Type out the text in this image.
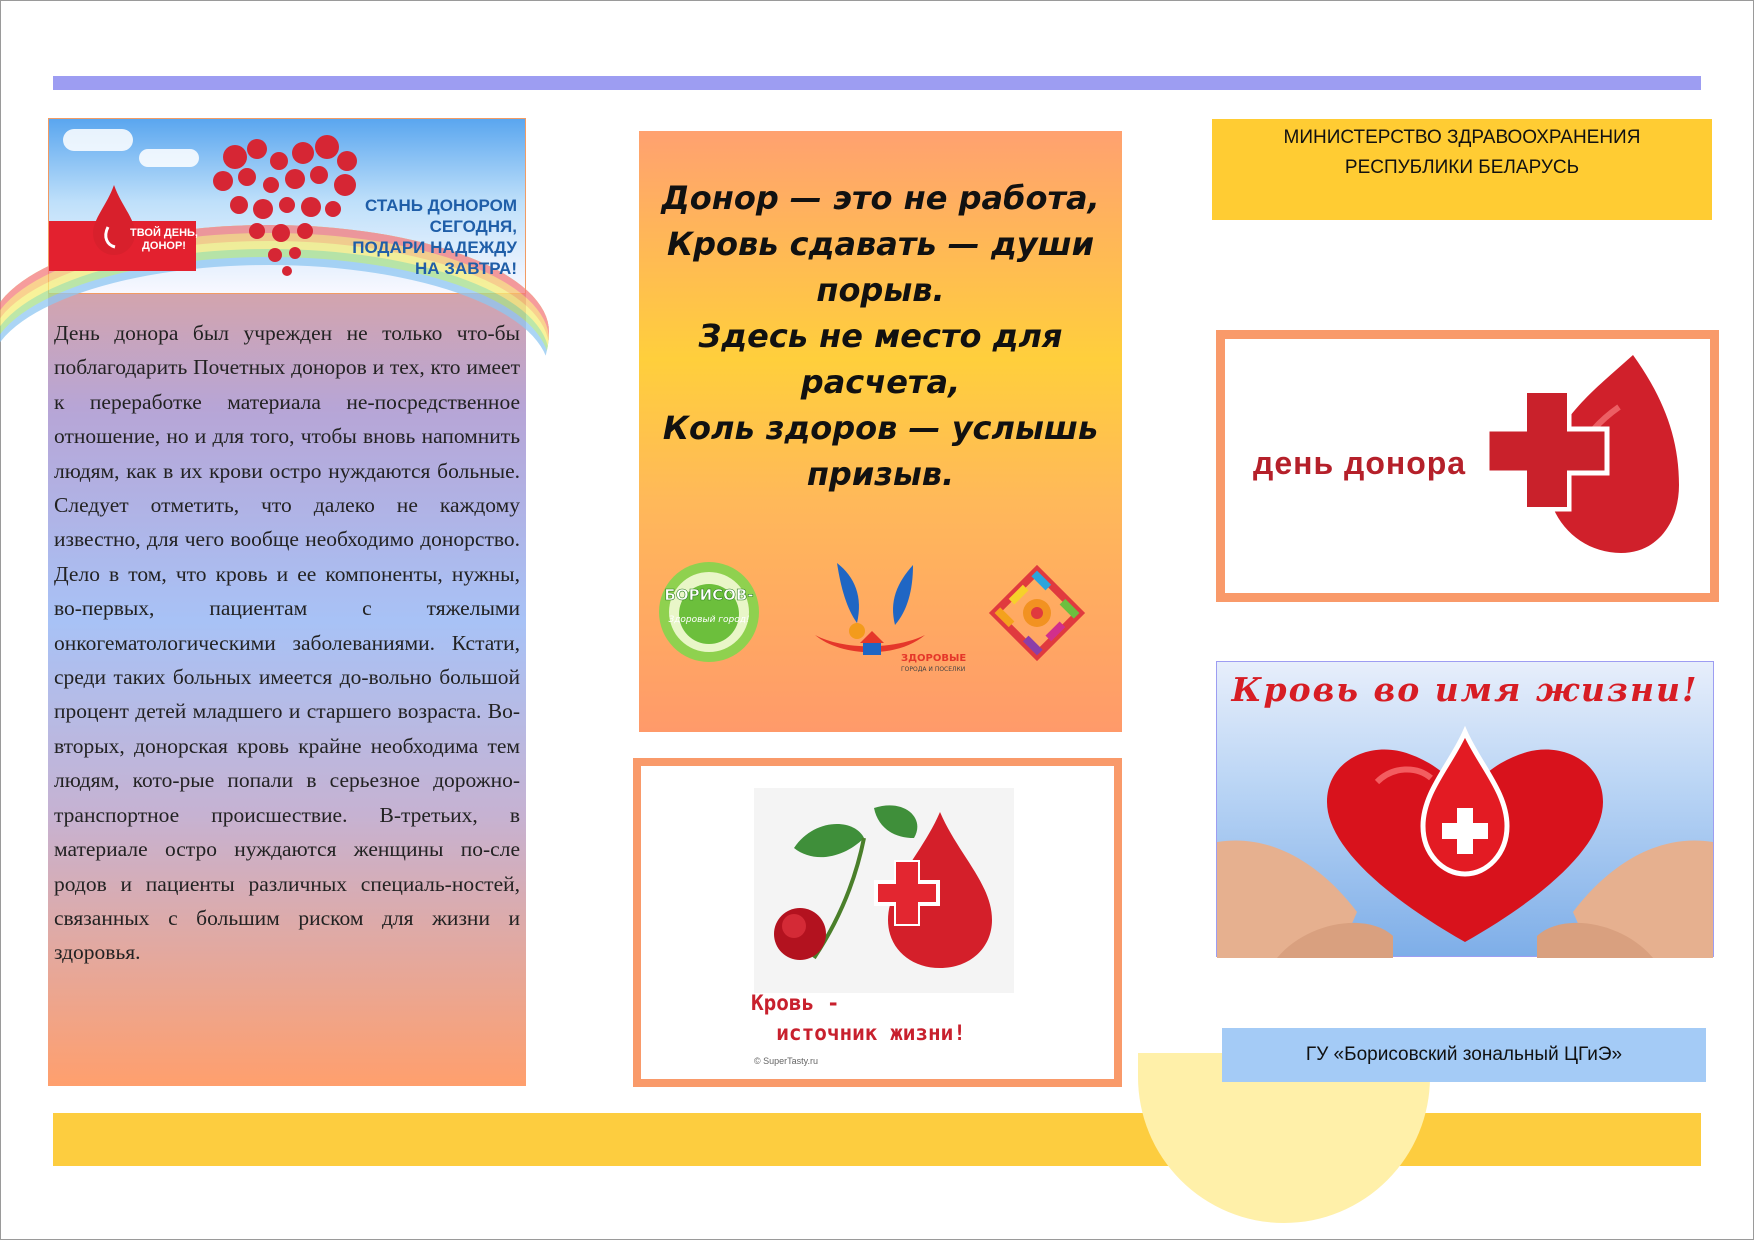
ТВОЙ ДЕНЬ, ДОНОР!
СТАНЬ ДОНОРОМ
СЕГОДНЯ,
ПОДАРИ НАДЕЖДУ
НА ЗАВТРА!
День донора был учрежден не только что-бы поблагодарить Почетных доноров и тех, кто имеет к переработке материала не-посредственное отношение, но и для того, чтобы вновь напомнить людям, как в их крови остро нуждаются больные. Следует отметить, что далеко не каждому известно, для чего вообще необходимо донорство. Дело в том, что кровь и ее компоненты, нужны, во-первых, пациентам с тяжелыми онкогематологическими заболеваниями. Кстати, среди таких больных имеется до-вольно большой процент детей младшего и старшего возраста. Во-вторых, донорская кровь крайне необходима тем людям, кото-рые попали в серьезное дорожно-транспортное происшествие. В-третьих, в материале остро нуждаются женщины по-сле родов и пациенты различных специаль-ностей, связанных с большим риском для жизни и здоровья.
Донор — это не работа,
Кровь сдавать — души
порыв.
Здесь не место для
расчета,
Коль здоров — услышь
призыв.
БОРИСОВ-
Здоровый город!
ЗДОРОВЫЕ
ГОРОДА И ПОСЕЛКИ
Кровь -
источник жизни!
© SuperTasty.ru
МИНИСТЕРСТВО ЗДРАВООХРАНЕНИЯ
РЕСПУБЛИКИ БЕЛАРУСЬ
день донора
Кровь во имя жизни!
ГУ «Борисовский зональный ЦГиЭ»
